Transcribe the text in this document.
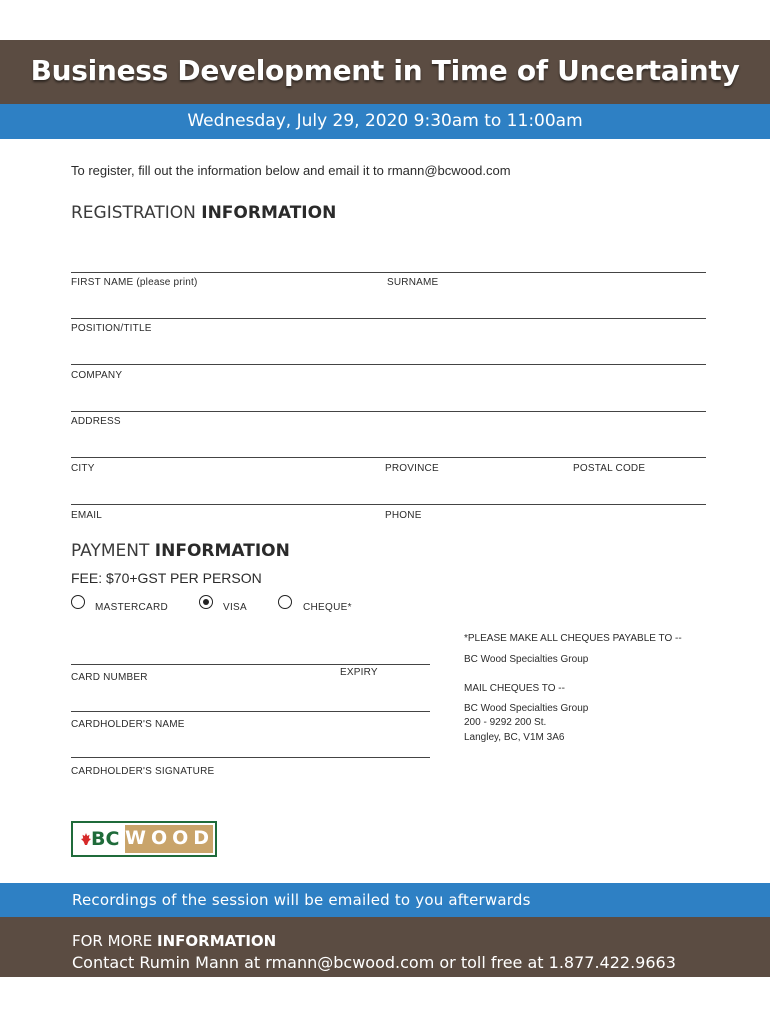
Business Development in Time of Uncertainty
Wednesday, July 29, 2020 9:30am to 11:00am
To register, fill out the information below and email it to rmann@bcwood.com
REGISTRATION INFORMATION
FIRST NAME (please print)	SURNAME
POSITION/TITLE
COMPANY
ADDRESS
CITY	PROVINCE	POSTAL CODE
EMAIL	PHONE
PAYMENT INFORMATION
FEE: $70+GST PER PERSON
MASTERCARD	VISA	CHEQUE*
CARD NUMBER	EXPIRY
CARDHOLDER'S NAME
CARDHOLDER'S SIGNATURE
*PLEASE MAKE ALL CHEQUES PAYABLE TO --
BC Wood Specialties Group
MAIL CHEQUES TO --
BC Wood Specialties Group
200 - 9292 200 St.
Langley, BC, V1M 3A6
BC WOOD
Recordings of the session will be emailed to you afterwards
FOR MORE INFORMATION
Contact Rumin Mann at rmann@bcwood.com or toll free at 1.877.422.9663
